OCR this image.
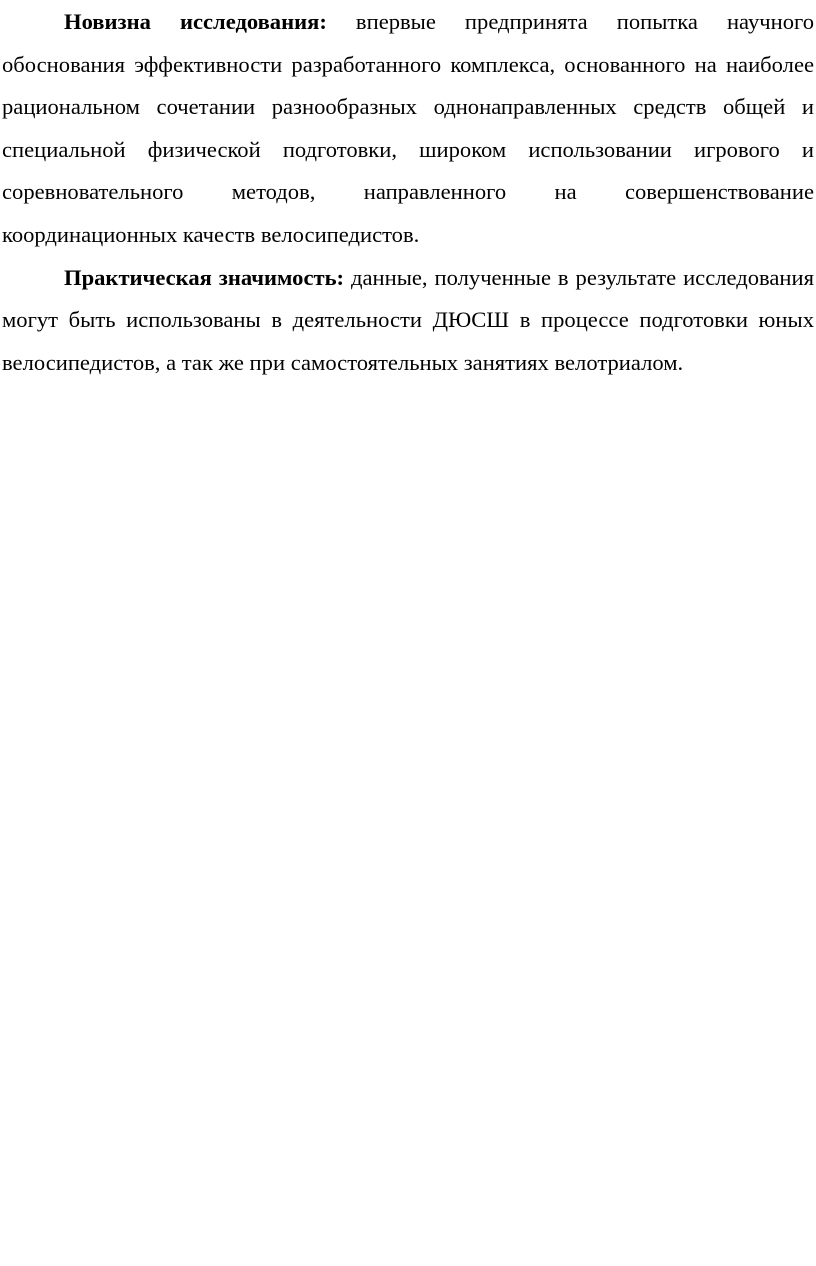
Новизна исследования: впервые предпринята попытка научного обоснования эффективности разработанного комплекса, основанного на наиболее рациональном сочетании разнообразных однонаправленных средств общей и специальной физической подготовки, широком использовании игрового и соревновательного методов, направленного на совершенствование координационных качеств велосипедистов.

Практическая значимость: данные, полученные в результате исследования могут быть использованы в деятельности ДЮСШ в процессе подготовки юных велосипедистов, а так же при самостоятельных занятиях велотриалом.
